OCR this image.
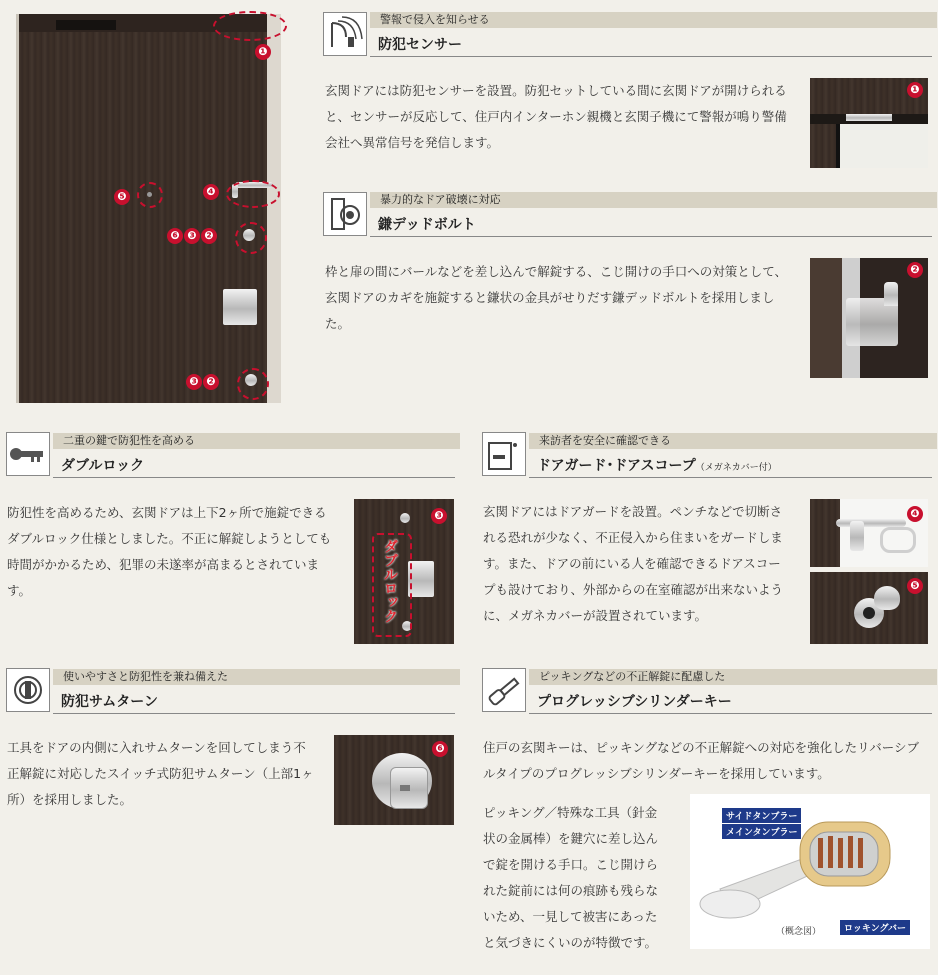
❶
❹
❺
❻ ❸ ❷
❸ ❷
警報で侵入を知らせる
防犯センサー
玄関ドアには防犯センサーを設置。防犯セットしている間に玄関ドアが開けられると、センサーが反応して、住戸内インターホン親機と玄関子機にて警報が鳴り警備会社へ異常信号を発信します。
❶
暴力的なドア破壊に対応
鎌デッドボルト
枠と扉の間にバールなどを差し込んで解錠する、こじ開けの手口への対策として、玄関ドアのカギを施錠すると鎌状の金具がせりだす鎌デッドボルトを採用しました。
❷
二重の鍵で防犯性を高める
ダブルロック
防犯性を高めるため、玄関ドアは上下2ヶ所で施錠できるダブルロック仕様としました。不正に解錠しようとしても時間がかかるため、犯罪の未遂率が高まるとされています。	ダブルロック
❸
来訪者を安全に確認できる
ドアガード･ドアスコープ（メガネカバー付）
玄関ドアにはドアガードを設置。ペンチなどで切断される恐れが少なく、不正侵入から住まいをガードします。また、ドアの前にいる人を確認できるドアスコープも設けており、外部からの在室確認が出来ないように、メガネカバーが設置されています。
❹
❺
使いやすさと防犯性を兼ね備えた
防犯サムターン
工具をドアの内側に入れサムターンを回してしまう不正解錠に対応したスイッチ式防犯サムターン（上部1ヶ所）を採用しました。
❻
ピッキングなどの不正解錠に配慮した
プログレッシブシリンダーキー
住戸の玄関キーは、ピッキングなどの不正解錠への対応を強化したリバーシブルタイプのプログレッシブシリンダーキーを採用しています。
ピッキング／特殊な工具（針金状の金属棒）を鍵穴に差し込んで錠を開ける手口。こじ開けられた錠前には何の痕跡も残らないため、一見して被害にあったと気づきにくいのが特徴です。
サイドタンブラー
メインタンブラー
ロッキングバー
（概念図）
